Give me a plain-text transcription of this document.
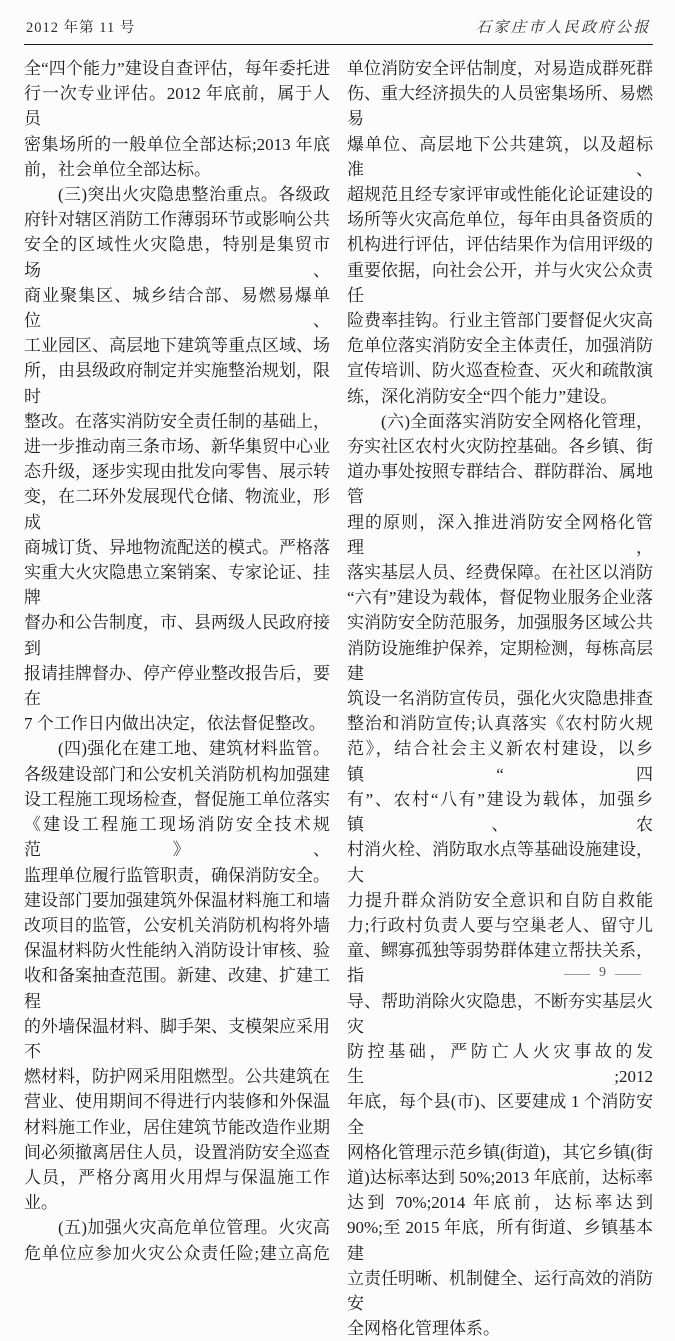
2012 年第 11 号	石家庄市人民政府公报
全“四个能力”建设自查评估，每年委托进
行一次专业评估。2012 年底前，属于人员
密集场所的一般单位全部达标;2013 年底
前，社会单位全部达标。
(三)突出火灾隐患整治重点。各级政
府针对辖区消防工作薄弱环节或影响公共
安全的区域性火灾隐患，特别是集贸市场、
商业聚集区、城乡结合部、易燃易爆单位、
工业园区、高层地下建筑等重点区域、场
所，由县级政府制定并实施整治规划，限时
整改。在落实消防安全责任制的基础上，
进一步推动南三条市场、新华集贸中心业
态升级，逐步实现由批发向零售、展示转
变，在二环外发展现代仓储、物流业，形成
商城订货、异地物流配送的模式。严格落
实重大火灾隐患立案销案、专家论证、挂牌
督办和公告制度，市、县两级人民政府接到
报请挂牌督办、停产停业整改报告后，要在
7 个工作日内做出决定，依法督促整改。
(四)强化在建工地、建筑材料监管。
各级建设部门和公安机关消防机构加强建
设工程施工现场检查，督促施工单位落实
《建设工程施工现场消防安全技术规范》、
监理单位履行监管职责，确保消防安全。
建设部门要加强建筑外保温材料施工和墙
改项目的监管，公安机关消防机构将外墙
保温材料防火性能纳入消防设计审核、验
收和备案抽查范围。新建、改建、扩建工程
的外墙保温材料、脚手架、支模架应采用不
燃材料，防护网采用阻燃型。公共建筑在
营业、使用期间不得进行内装修和外保温
材料施工作业，居住建筑节能改造作业期
间必须撤离居住人员，设置消防安全巡查
人员，严格分离用火用焊与保温施工作业。
(五)加强火灾高危单位管理。火灾高
危单位应参加火灾公众责任险;建立高危
单位消防安全评估制度，对易造成群死群
伤、重大经济损失的人员密集场所、易燃易
爆单位、高层地下公共建筑，以及超标准、
超规范且经专家评审或性能化论证建设的
场所等火灾高危单位，每年由具备资质的
机构进行评估，评估结果作为信用评级的
重要依据，向社会公开，并与火灾公众责任
险费率挂钩。行业主管部门要督促火灾高
危单位落实消防安全主体责任，加强消防
宣传培训、防火巡查检查、灭火和疏散演
练，深化消防安全“四个能力”建设。
(六)全面落实消防安全网格化管理，
夯实社区农村火灾防控基础。各乡镇、街
道办事处按照专群结合、群防群治、属地管
理的原则，深入推进消防安全网格化管理，
落实基层人员、经费保障。在社区以消防
“六有”建设为载体，督促物业服务企业落
实消防安全防范服务，加强服务区域公共
消防设施维护保养，定期检测，每栋高层建
筑设一名消防宣传员，强化火灾隐患排查
整治和消防宣传;认真落实《农村防火规
范》，结合社会主义新农村建设，以乡镇“四
有”、农村“八有”建设为载体，加强乡镇、农
村消火栓、消防取水点等基础设施建设，大
力提升群众消防安全意识和自防自救能
力;行政村负责人要与空巢老人、留守儿
童、鳏寡孤独等弱势群体建立帮扶关系，指
导、帮助消除火灾隐患，不断夯实基层火灾
防控基础，严防亡人火灾事故的发生;2012
年底，每个县(市)、区要建成 1 个消防安全
网格化管理示范乡镇(街道)，其它乡镇(街
道)达标率达到 50%;2013 年底前，达标率
达到 70%;2014 年底前，达标率达到
90%;至 2015 年底，所有街道、乡镇基本建
立责任明晰、机制健全、运行高效的消防安
全网格化管理体系。
9
